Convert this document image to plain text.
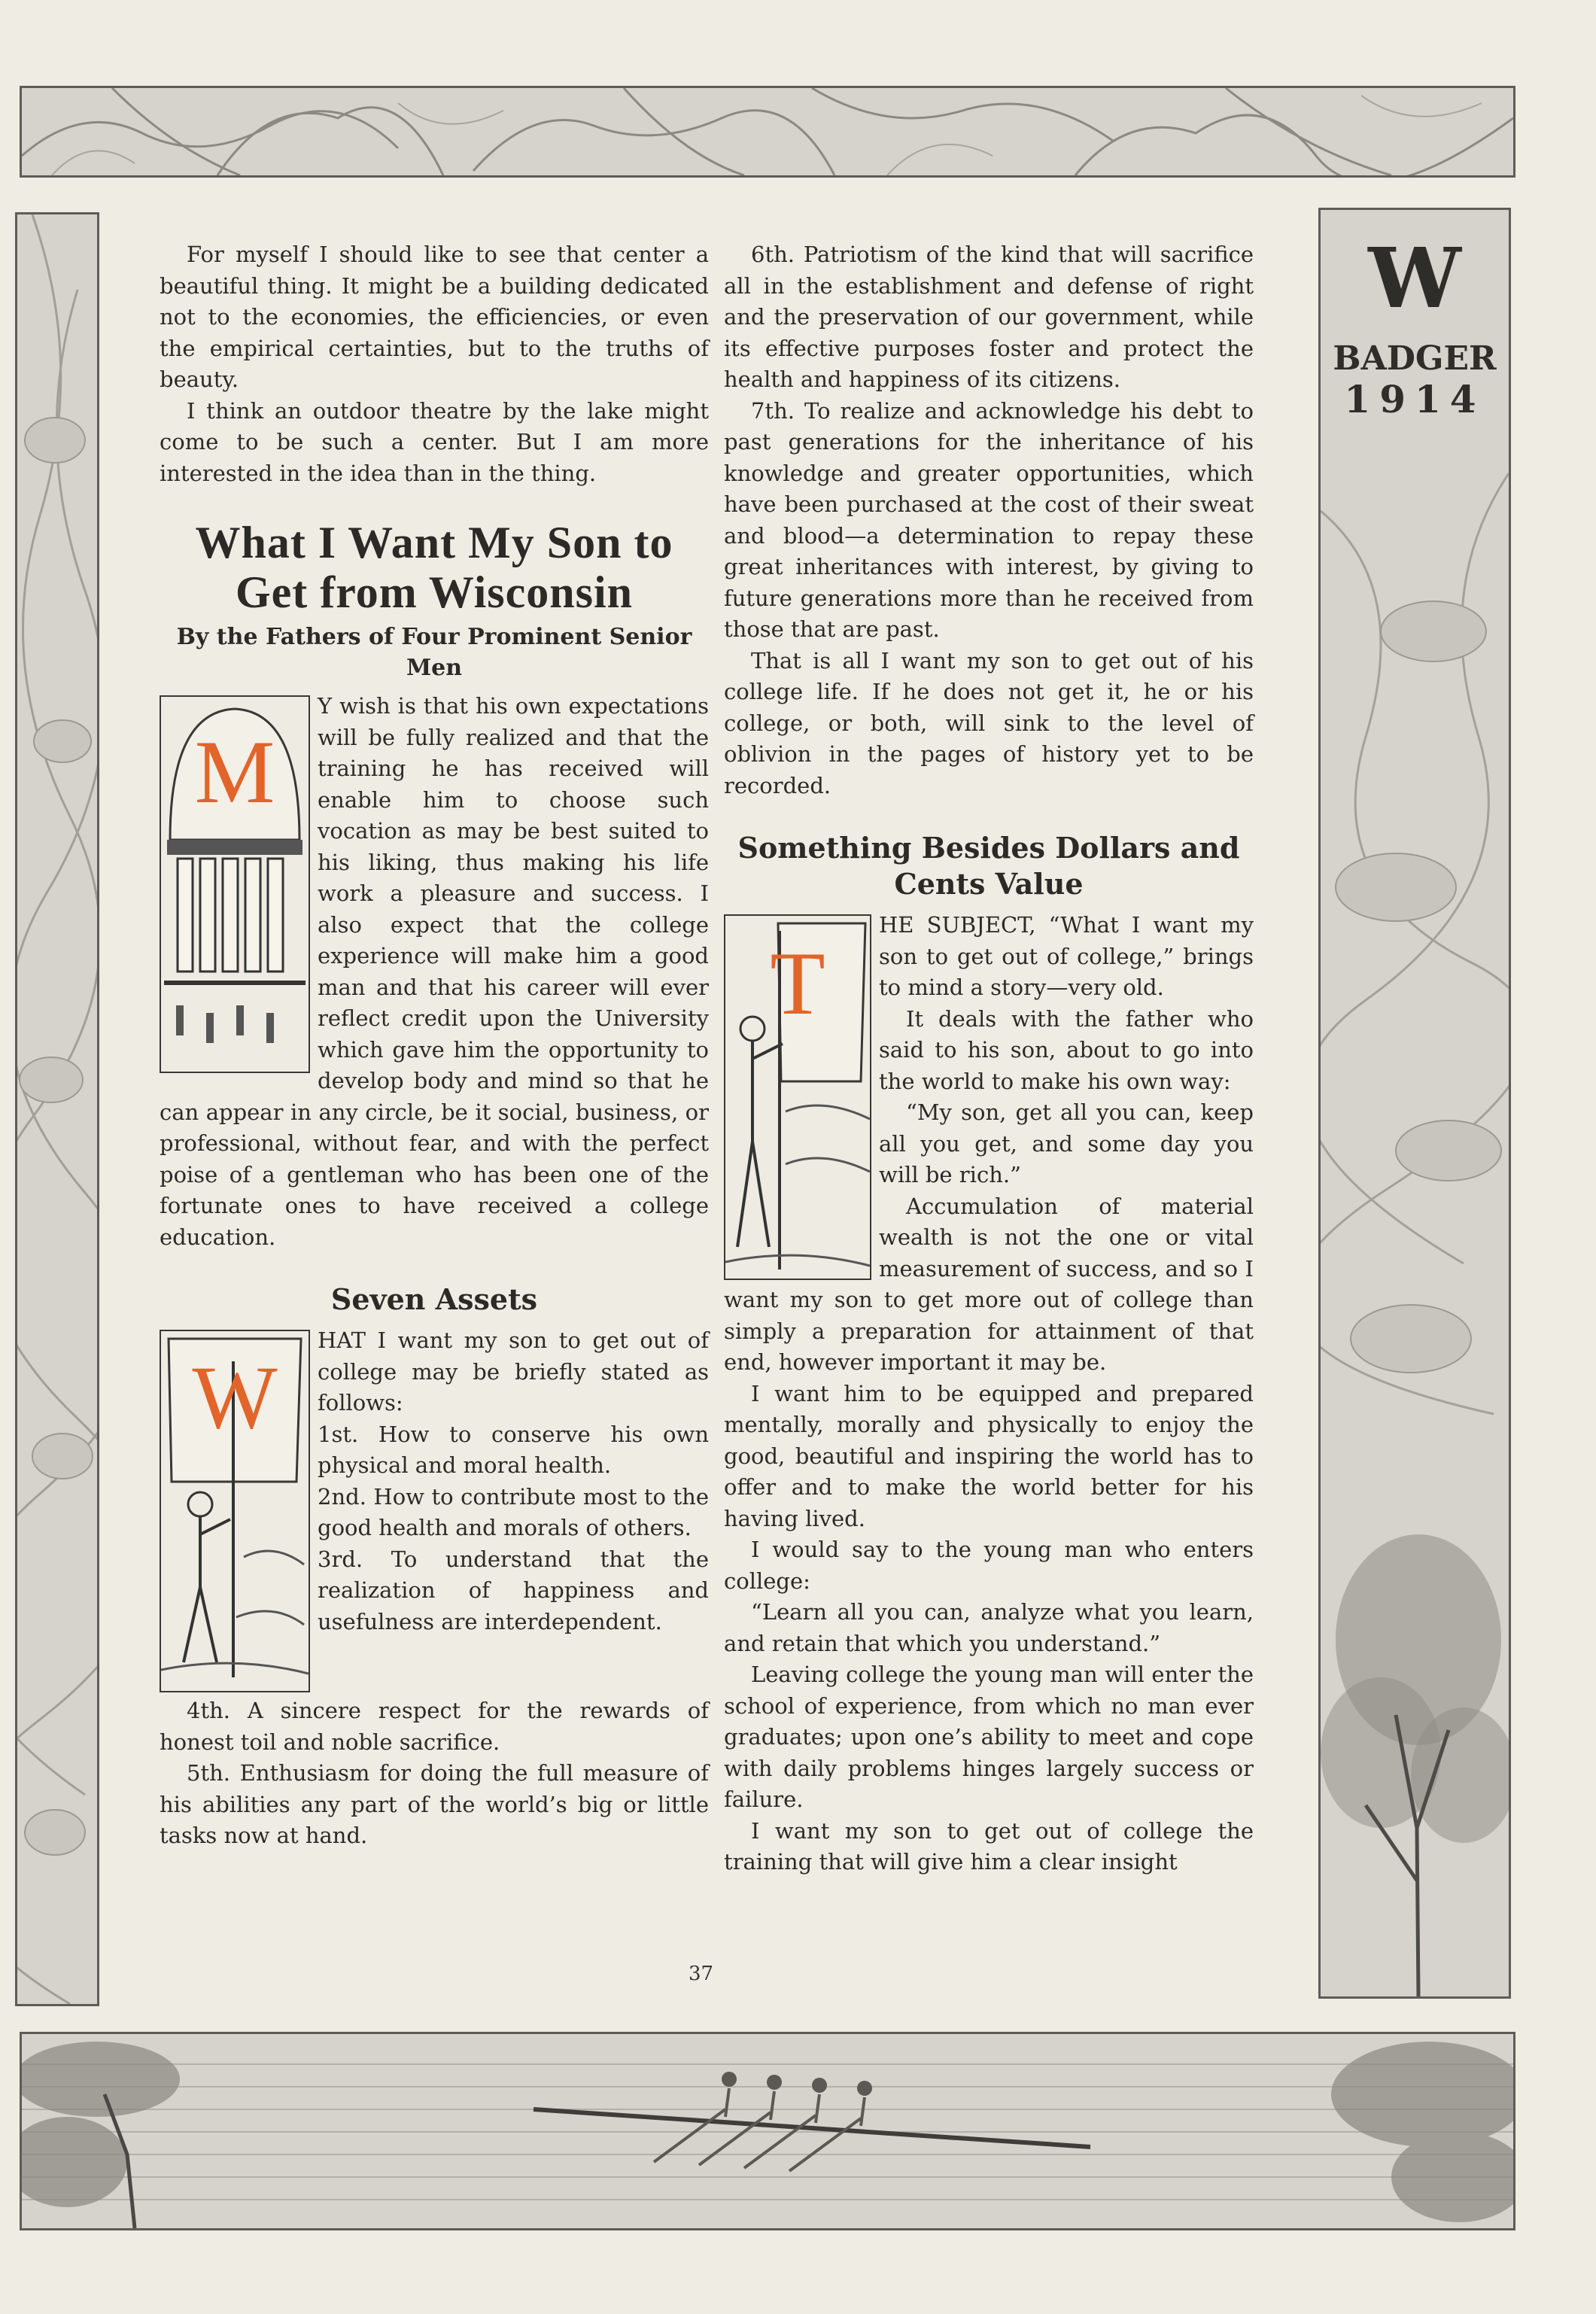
W
BADGER
1914

For myself I should like to see that center a beautiful thing. It might be a building dedicated not to the economies, the efficiencies, or even the empirical certainties, but to the truths of beauty.

I think an outdoor theatre by the lake might come to be such a center. But I am more interested in the idea than in the thing.

What I Want My Son to Get from Wisconsin
By the Fathers of Four Prominent Senior Men
M

Y wish is that his own expectations will be fully realized and that the training he has received will enable him to choose such vocation as may be best suited to his liking, thus making his life work a pleasure and success. I also expect that the college experience will make him a good man and that his career will ever reflect credit upon the University which gave him the opportunity to develop body and mind so that he can appear in any circle, be it social, business, or professional, without fear, and with the perfect poise of a gentleman who has been one of the fortunate ones to have received a college education.

Seven Assets
W

HAT I want my son to get out of college may be briefly stated as follows:

1st. How to conserve his own physical and moral health.

2nd. How to contribute most to the good health and morals of others.

3rd. To understand that the realization of happiness and usefulness are interdependent.

4th. A sincere respect for the rewards of honest toil and noble sacrifice.

5th. Enthusiasm for doing the full measure of his abilities any part of the world’s big or little tasks now at hand.

6th. Patriotism of the kind that will sacrifice all in the establishment and defense of right and the preservation of our government, while its effective purposes foster and protect the health and happiness of its citizens.

7th. To realize and acknowledge his debt to past generations for the inheritance of his knowledge and greater opportunities, which have been purchased at the cost of their sweat and blood—a determination to repay these great inheritances with interest, by giving to future generations more than he received from those that are past.

That is all I want my son to get out of his college life. If he does not get it, he or his college, or both, will sink to the level of oblivion in the pages of history yet to be recorded.

Something Besides Dollars and Cents Value
T

HE SUBJECT, “What I want my son to get out of college,” brings to mind a story—very old.

It deals with the father who said to his son, about to go into the world to make his own way:

“My son, get all you can, keep all you get, and some day you will be rich.”

Accumulation of material wealth is not the one or vital measurement of success, and so I want my son to get more out of college than simply a preparation for attainment of that end, however important it may be.

I want him to be equipped and prepared mentally, morally and physically to enjoy the good, beautiful and inspiring the world has to offer and to make the world better for his having lived.

I would say to the young man who enters college:

“Learn all you can, analyze what you learn, and retain that which you understand.”

Leaving college the young man will enter the school of experience, from which no man ever graduates; upon one’s ability to meet and cope with daily problems hinges largely success or failure.

I want my son to get out of college the training that will give him a clear insight

37
